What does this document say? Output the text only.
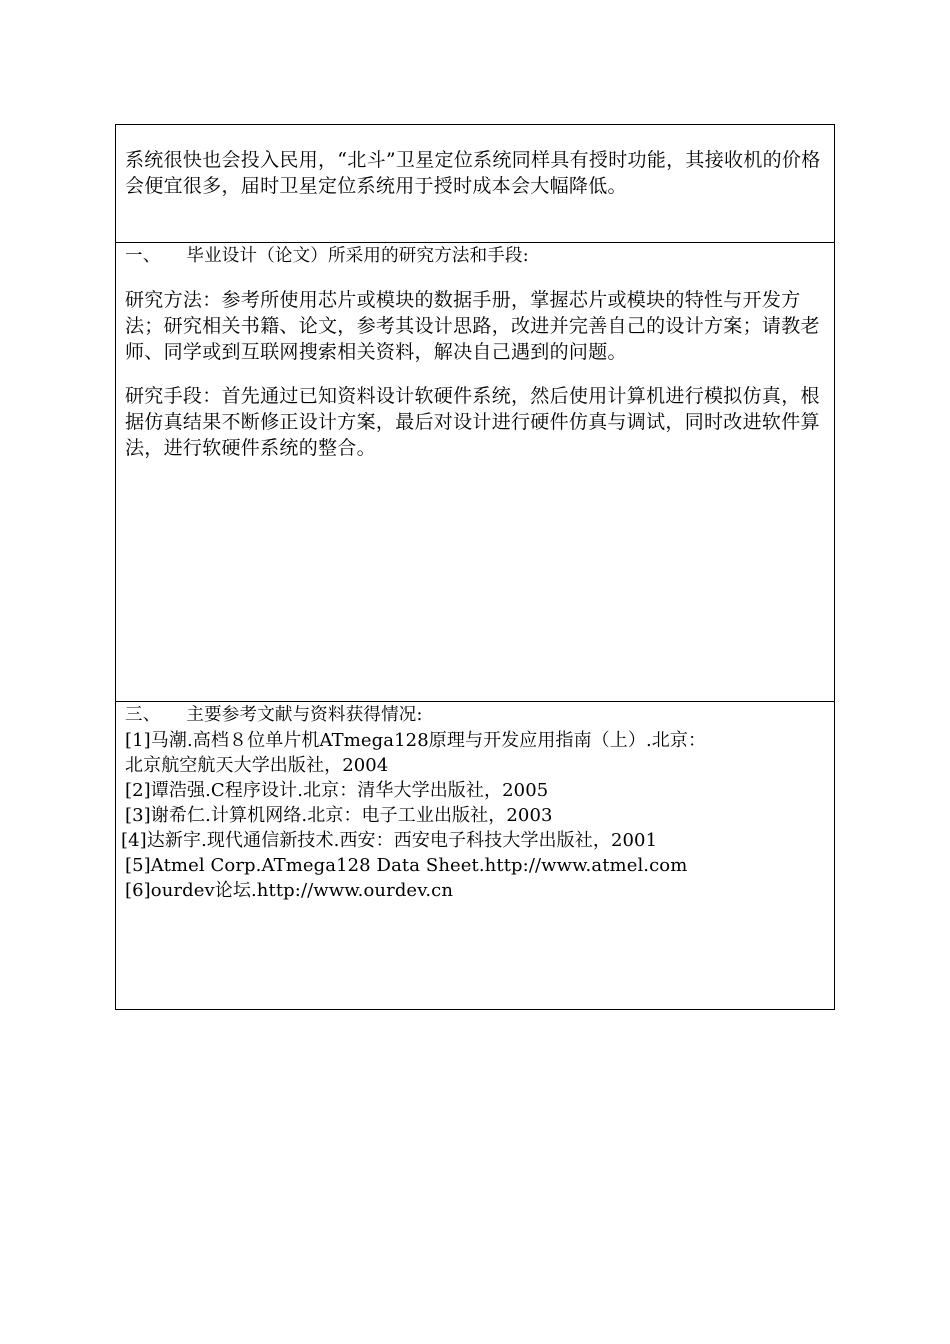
系统很快也会投入民用，“北斗”卫星定位系统同样具有授时功能，其接收机的价格会便宜很多，届时卫星定位系统用于授时成本会大幅降低。

一、 毕业设计（论文）所采用的研究方法和手段:

研究方法：参考所使用芯片或模块的数据手册，掌握芯片或模块的特性与开发方法；研究相关书籍、论文，参考其设计思路，改进并完善自己的设计方案；请教老师、同学或到互联网搜索相关资料，解决自己遇到的问题。

研究手段：首先通过已知资料设计软硬件系统，然后使用计算机进行模拟仿真，根据仿真结果不断修正设计方案，最后对设计进行硬件仿真与调试，同时改进软件算法，进行软硬件系统的整合。

三、 主要参考文献与资料获得情况:

[1]马潮.高档８位单片机ATmega128原理与开发应用指南（上）.北京：

北京航空航天大学出版社，2004

[2]谭浩强.C程序设计.北京：清华大学出版社，2005

[3]谢希仁.计算机网络.北京：电子工业出版社，2003

[4]达新宇.现代通信新技术.西安：西安电子科技大学出版社，2001

[5]Atmel Corp.ATmega128 Data Sheet.http://www.atmel.com

[6]ourdev论坛.http://www.ourdev.cn
